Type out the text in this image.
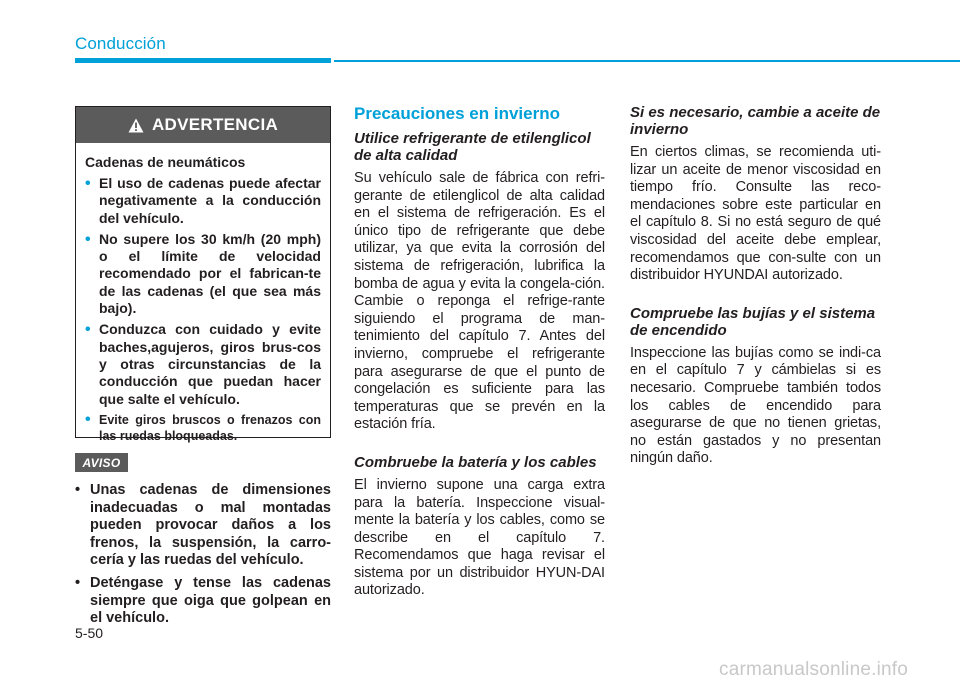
Conducción
ADVERTENCIA
Cadenas de neumáticos
• El uso de cadenas puede afectar negativamente a la conducción del vehículo.
• No supere los 30 km/h (20 mph) o el límite de velocidad recomendado por el fabrican-te de las cadenas (el que sea más bajo).
• Conduzca con cuidado y evite baches,agujeros, giros brus-cos y otras circunstancias de la conducción que puedan hacer que salte el vehículo.
• Evite giros bruscos o frenazos con las ruedas bloqueadas.
AVISO
• Unas cadenas de dimensiones inadecuadas o mal montadas pueden provocar daños a los frenos, la suspensión, la carro-cería y las ruedas del vehículo.
• Deténgase y tense las cadenas siempre que oiga que golpean en el vehículo.
Precauciones en invierno
Utilice refrigerante de etilenglicol de alta calidad

Su vehículo sale de fábrica con refri-gerante de etilenglicol de alta calidad en el sistema de refrigeración. Es el único tipo de refrigerante que debe utilizar, ya que evita la corrosión del sistema de refrigeración, lubrifica la bomba de agua y evita la congela-ción. Cambie o reponga el refrige-rante siguiendo el programa de man-tenimiento del capítulo 7. Antes del invierno, compruebe el refrigerante para asegurarse de que el punto de congelación es suficiente para las temperaturas que se prevén en la estación fría.

Combruebe la batería y los cables

El invierno supone una carga extra para la batería. Inspeccione visual-mente la batería y los cables, como se describe en el capítulo 7. Recomendamos que haga revisar el sistema por un distribuidor HYUN-DAI autorizado.

Si es necesario, cambie a aceite de invierno

En ciertos climas, se recomienda uti-lizar un aceite de menor viscosidad en tiempo frío. Consulte las reco-mendaciones sobre este particular en el capítulo 8. Si no está seguro de qué viscosidad del aceite debe emplear, recomendamos que con-sulte con un distribuidor HYUNDAI autorizado.

Compruebe las bujías y el sistema de encendido

Inspeccione las bujías como se indi-ca en el capítulo 7 y cámbielas si es necesario. Compruebe también todos los cables de encendido para asegurarse de que no tienen grietas, no están gastados y no presentan ningún daño.

5-50
carmanualsonline.info
